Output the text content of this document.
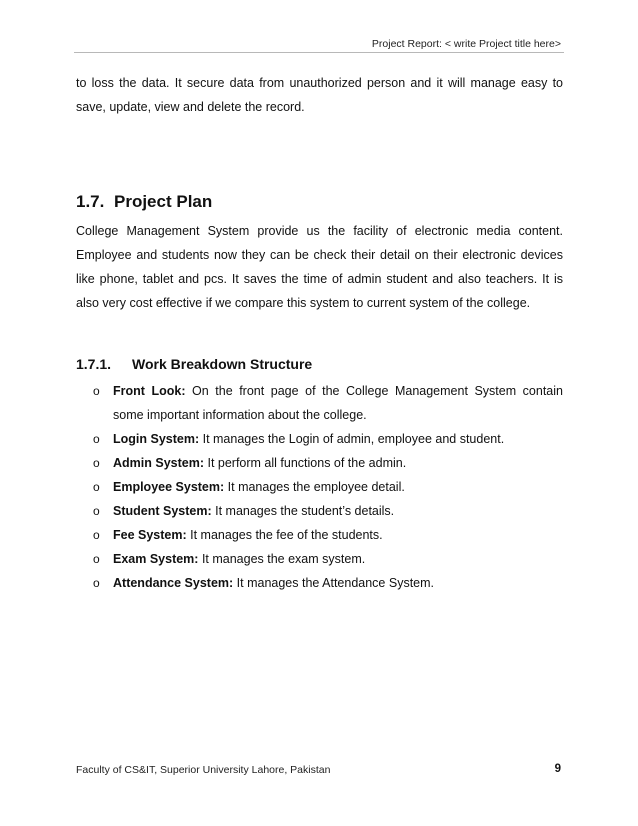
Project Report: < write Project title here>

to loss the data. It secure data from unauthorized person and it will manage easy to save, update, view and delete the record.

1.7. Project Plan

College Management System provide us the facility of electronic media content. Employee and students now they can be check their detail on their electronic devices like phone, tablet and pcs. It saves the time of admin student and also teachers. It is also very cost effective if we compare this system to current system of the college.

1.7.1. Work Breakdown Structure
o Front Look: On the front page of the College Management System contain some important information about the college.
o Login System: It manages the Login of admin, employee and student.
o Admin System: It perform all functions of the admin.
o Employee System: It manages the employee detail.
o Student System: It manages the student’s details.
o Fee System: It manages the fee of the students.
o Exam System: It manages the exam system.
o Attendance System: It manages the Attendance System.
Faculty of CS&IT, Superior University Lahore, Pakistan	9
